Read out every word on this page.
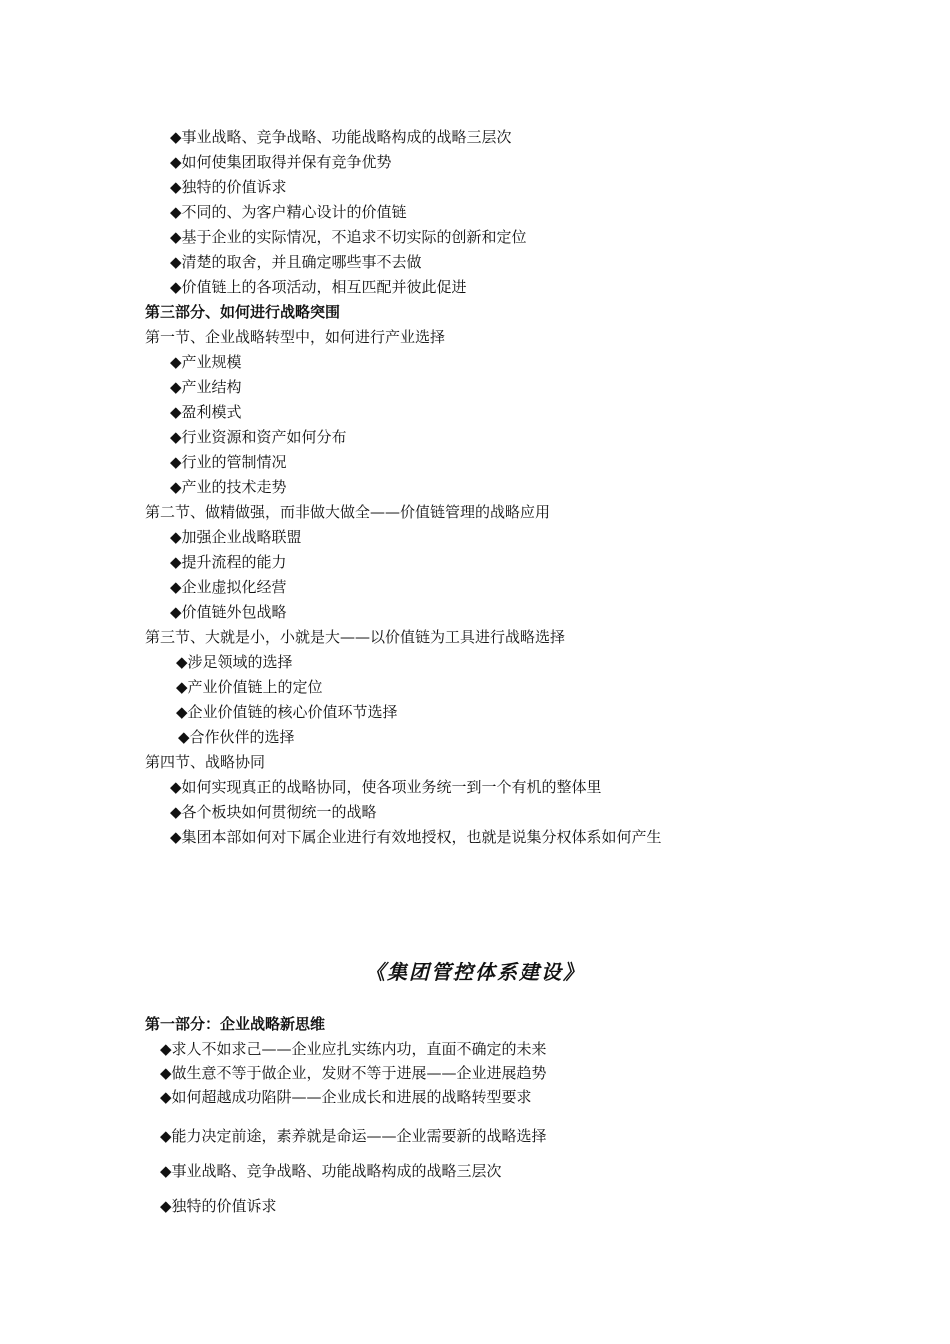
◆事业战略、竞争战略、功能战略构成的战略三层次
◆如何使集团取得并保有竞争优势
◆独特的价值诉求
◆不同的、为客户精心设计的价值链
◆基于企业的实际情况，不追求不切实际的创新和定位
◆清楚的取舍，并且确定哪些事不去做
◆价值链上的各项活动，相互匹配并彼此促进
第三部分、如何进行战略突围
第一节、企业战略转型中，如何进行产业选择
◆产业规模
◆产业结构
◆盈利模式
◆行业资源和资产如何分布
◆行业的管制情况
◆产业的技术走势
第二节、做精做强，而非做大做全——价值链管理的战略应用
◆加强企业战略联盟
◆提升流程的能力
◆企业虚拟化经营
◆价值链外包战略
第三节、大就是小，小就是大——以价值链为工具进行战略选择
◆涉足领域的选择
◆产业价值链上的定位
◆企业价值链的核心价值环节选择
◆合作伙伴的选择
第四节、战略协同
◆如何实现真正的战略协同，使各项业务统一到一个有机的整体里
◆各个板块如何贯彻统一的战略
◆集团本部如何对下属企业进行有效地授权，也就是说集分权体系如何产生
《集团管控体系建设》
第一部分：企业战略新思维
◆求人不如求己——企业应扎实练内功，直面不确定的未来
◆做生意不等于做企业，发财不等于进展——企业进展趋势
◆如何超越成功陷阱——企业成长和进展的战略转型要求
◆能力决定前途，素养就是命运——企业需要新的战略选择
◆事业战略、竞争战略、功能战略构成的战略三层次
◆独特的价值诉求
